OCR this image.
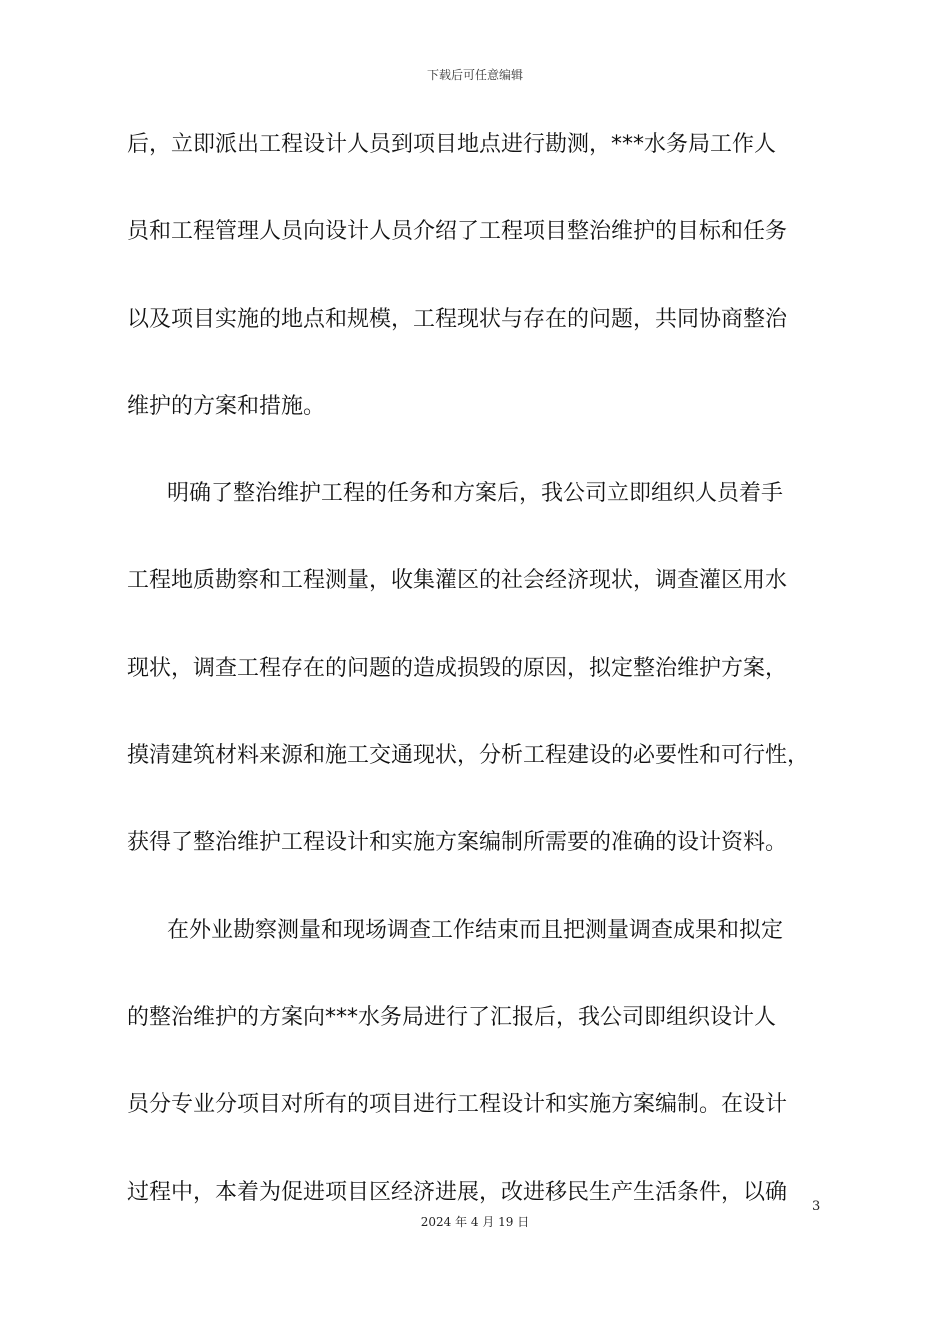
下载后可任意编辑
后，立即派出工程设计人员到项目地点进行勘测，***水务局工作人
员和工程管理人员向设计人员介绍了工程项目整治维护的目标和任务
以及项目实施的地点和规模，工程现状与存在的问题，共同协商整治
维护的方案和措施。
明确了整治维护工程的任务和方案后，我公司立即组织人员着手
工程地质勘察和工程测量，收集灌区的社会经济现状，调查灌区用水
现状，调查工程存在的问题的造成损毁的原因，拟定整治维护方案，
摸清建筑材料来源和施工交通现状，分析工程建设的必要性和可行性，
获得了整治维护工程设计和实施方案编制所需要的准确的设计资料。
在外业勘察测量和现场调查工作结束而且把测量调查成果和拟定
的整治维护的方案向***水务局进行了汇报后，我公司即组织设计人
员分专业分项目对所有的项目进行工程设计和实施方案编制。在设计
过程中，本着为促进项目区经济进展，改进移民生产生活条件，以确
3
2024 年 4 月 19 日
